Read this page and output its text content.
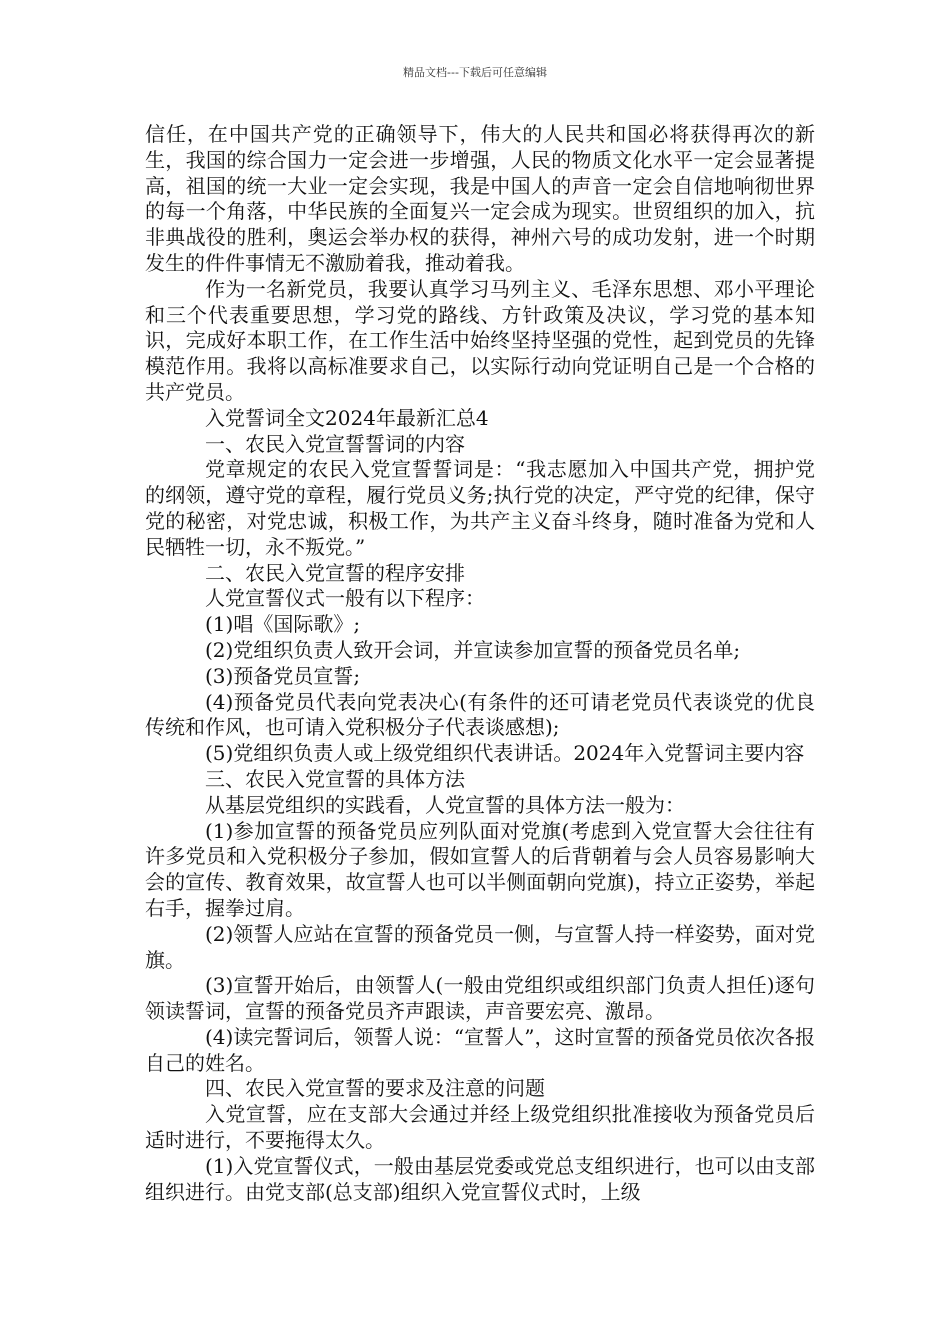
精品文档---下载后可任意编辑

信任，在中国共产党的正确领导下，伟大的人民共和国必将获得再次的新生，我国的综合国力一定会进一步增强，人民的物质文化水平一定会显著提高，祖国的统一大业一定会实现，我是中国人的声音一定会自信地响彻世界的每一个角落，中华民族的全面复兴一定会成为现实。世贸组织的加入，抗非典战役的胜利，奥运会举办权的获得，神州六号的成功发射，进一个时期发生的件件事情无不激励着我，推动着我。

作为一名新党员，我要认真学习马列主义、毛泽东思想、邓小平理论和三个代表重要思想，学习党的路线、方针政策及决议，学习党的基本知识，完成好本职工作，在工作生活中始终坚持坚强的党性，起到党员的先锋模范作用。我将以高标准要求自己，以实际行动向党证明自己是一个合格的共产党员。

入党誓词全文2024年最新汇总4

一、农民入党宣誓誓词的内容

党章规定的农民入党宣誓誓词是：“我志愿加入中国共产党，拥护党的纲领，遵守党的章程，履行党员义务;执行党的决定，严守党的纪律，保守党的秘密，对党忠诚，积极工作，为共产主义奋斗终身，随时准备为党和人民牺牲一切，永不叛党。”

二、农民入党宣誓的程序安排

人党宣誓仪式一般有以下程序：

(1)唱《国际歌》;

(2)党组织负责人致开会词，并宣读参加宣誓的预备党员名单;

(3)预备党员宣誓;

(4)预备党员代表向党表决心(有条件的还可请老党员代表谈党的优良传统和作风，也可请入党积极分子代表谈感想);

(5)党组织负责人或上级党组织代表讲话。2024年入党誓词主要内容

三、农民入党宣誓的具体方法

从基层党组织的实践看，人党宣誓的具体方法一般为：

(1)参加宣誓的预备党员应列队面对党旗(考虑到入党宣誓大会往往有许多党员和入党积极分子参加，假如宣誓人的后背朝着与会人员容易影响大会的宣传、教育效果，故宣誓人也可以半侧面朝向党旗)，持立正姿势，举起右手，握拳过肩。

(2)领誓人应站在宣誓的预备党员一侧，与宣誓人持一样姿势，面对党旗。

(3)宣誓开始后，由领誓人(一般由党组织或组织部门负责人担任)逐句领读誓词，宣誓的预备党员齐声跟读，声音要宏亮、激昂。

(4)读完誓词后，领誓人说：“宣誓人”，这时宣誓的预备党员依次各报自己的姓名。

四、农民入党宣誓的要求及注意的问题

入党宣誓，应在支部大会通过并经上级党组织批准接收为预备党员后适时进行，不要拖得太久。

(1)入党宣誓仪式，一般由基层党委或党总支组织进行，也可以由支部组织进行。由党支部(总支部)组织入党宣誓仪式时，上级
